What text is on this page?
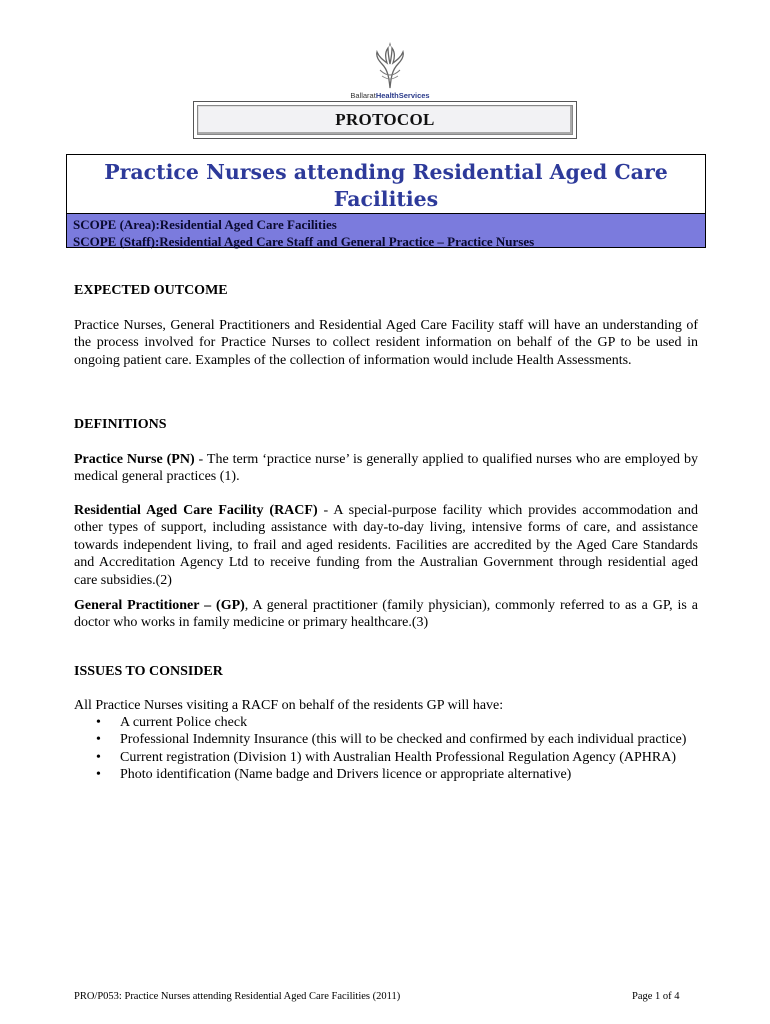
BallaratHealthServices
PROTOCOL
Practice Nurses attending Residential Aged Care
Facilities
SCOPE (Area):Residential Aged Care Facilities
SCOPE (Staff):Residential Aged Care Staff and General Practice – Practice Nurses
EXPECTED OUTCOME
Practice Nurses, General Practitioners and Residential Aged Care Facility staff will have an understanding of the process involved for Practice Nurses to collect resident information on behalf of the GP to be used in ongoing patient care. Examples of the collection of information would include Health Assessments.
DEFINITIONS
Practice Nurse (PN) - The term ‘practice nurse’ is generally applied to qualified nurses who are employed by medical general practices (1).
Residential Aged Care Facility (RACF) - A special-purpose facility which provides accommodation and other types of support, including assistance with day-to-day living, intensive forms of care, and assistance towards independent living, to frail and aged residents. Facilities are accredited by the Aged Care Standards and Accreditation Agency Ltd to receive funding from the Australian Government through residential aged care subsidies.(2)
General Practitioner – (GP), A general practitioner (family physician), commonly referred to as a GP, is a doctor who works in family medicine or primary healthcare.(3)
ISSUES TO CONSIDER
All Practice Nurses visiting a RACF on behalf of the residents GP will have:
• A current Police check
• Professional Indemnity Insurance (this will to be checked and confirmed by each individual practice)
• Current registration (Division 1) with Australian Health Professional Regulation Agency (APHRA)
• Photo identification (Name badge and Drivers licence or appropriate alternative)
PRO/P053: Practice Nurses attending Residential Aged Care Facilities (2011)	Page 1 of 4
